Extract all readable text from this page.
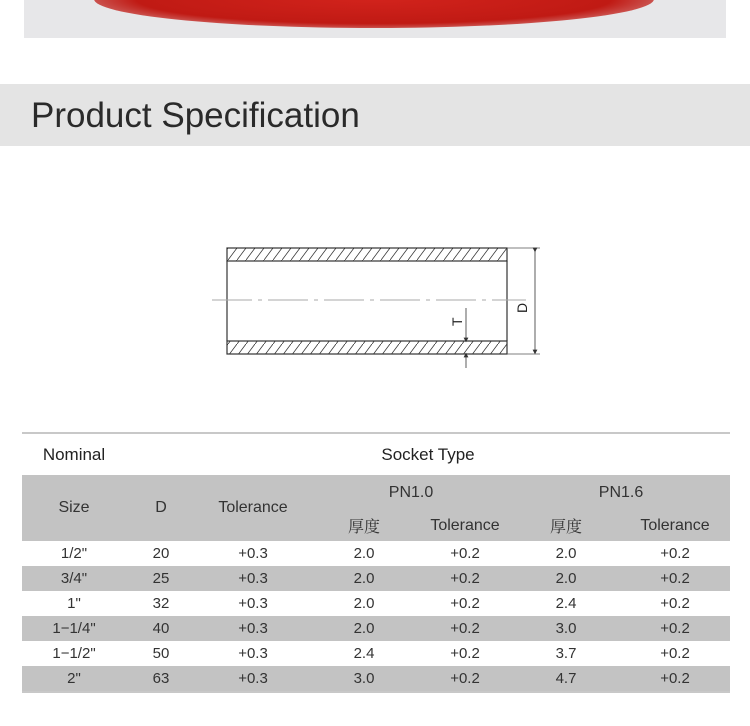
Product Specification
D
T
Nominal	Socket Type					
Size	D	Tolerance	PN1.0		PN1.6	
			厚度	Tolerance	厚度	Tolerance
1/2"	20	+0.3	2.0	+0.2	2.0	+0.2
3/4"	25	+0.3	2.0	+0.2	2.0	+0.2
1"	32	+0.3	2.0	+0.2	2.4	+0.2
1−1/4"	40	+0.3	2.0	+0.2	3.0	+0.2
1−1/2"	50	+0.3	2.4	+0.2	3.7	+0.2
2"	63	+0.3	3.0	+0.2	4.7	+0.2
